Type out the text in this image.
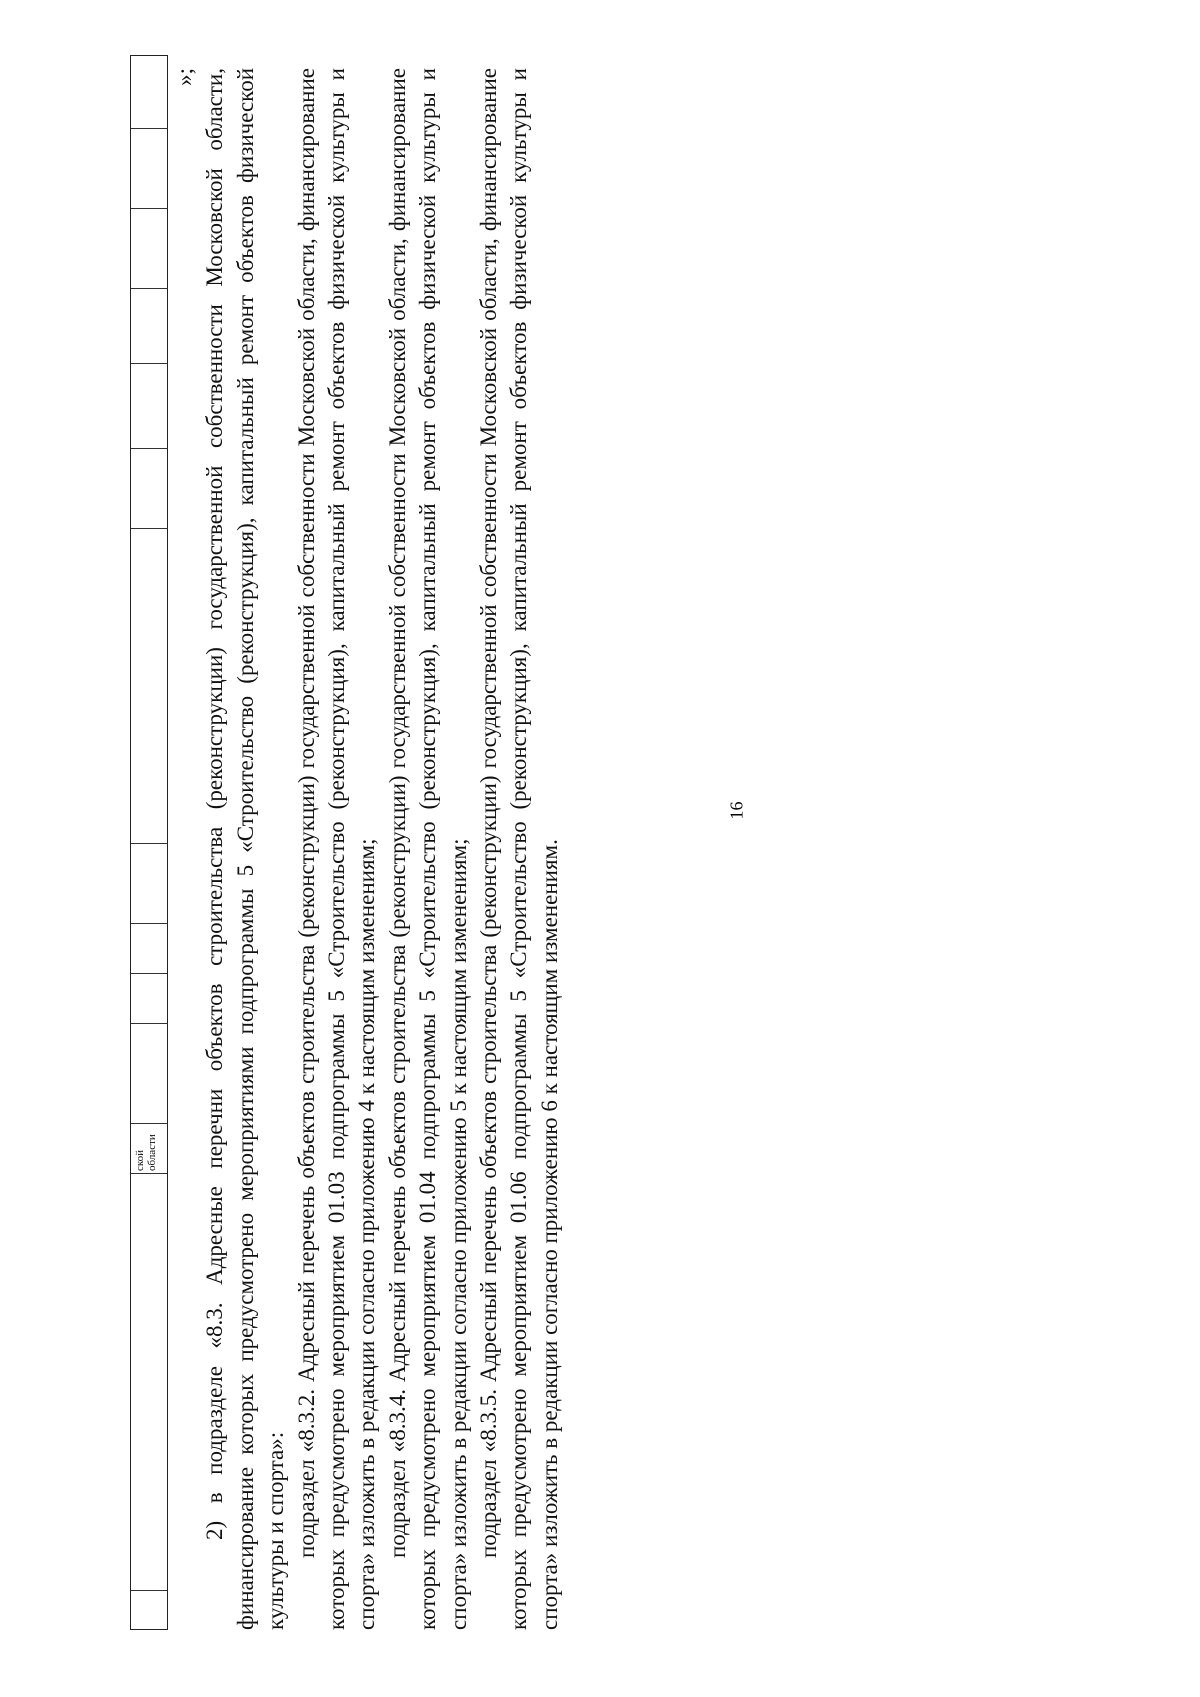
16
ской области
»; 2) в подразделе «8.3. Адресные перечни объектов строительства (реконструкции) государственной собственности Московской области, финансирование которых предусмотрено мероприятиями подпрограммы 5 «Строительство (реконструкция), капитальный ремонт объектов физической культуры и спорта»: подраздел «8.3.2. Адресный перечень объектов строительства (реконструкции) государственной собственности Московской области, финансирование которых предусмотрено мероприятием 01.03 подпрограммы 5 «Строительство (реконструкция), капитальный ремонт объектов физической культуры и спорта» изложить в редакции согласно приложению 4 к настоящим изменениям; подраздел «8.3.4. Адресный перечень объектов строительства (реконструкции) государственной собственности Московской области, финансирование которых предусмотрено мероприятием 01.04 подпрограммы 5 «Строительство (реконструкция), капитальный ремонт объектов физической культуры и спорта» изложить в редакции согласно приложению 5 к настоящим изменениям; подраздел «8.3.5. Адресный перечень объектов строительства (реконструкции) государственной собственности Московской области, финансирование которых предусмотрено мероприятием 01.06 подпрограммы 5 «Строительство (реконструкция), капитальный ремонт объектов физической культуры и спорта» изложить в редакции согласно приложению 6 к настоящим изменениям.
